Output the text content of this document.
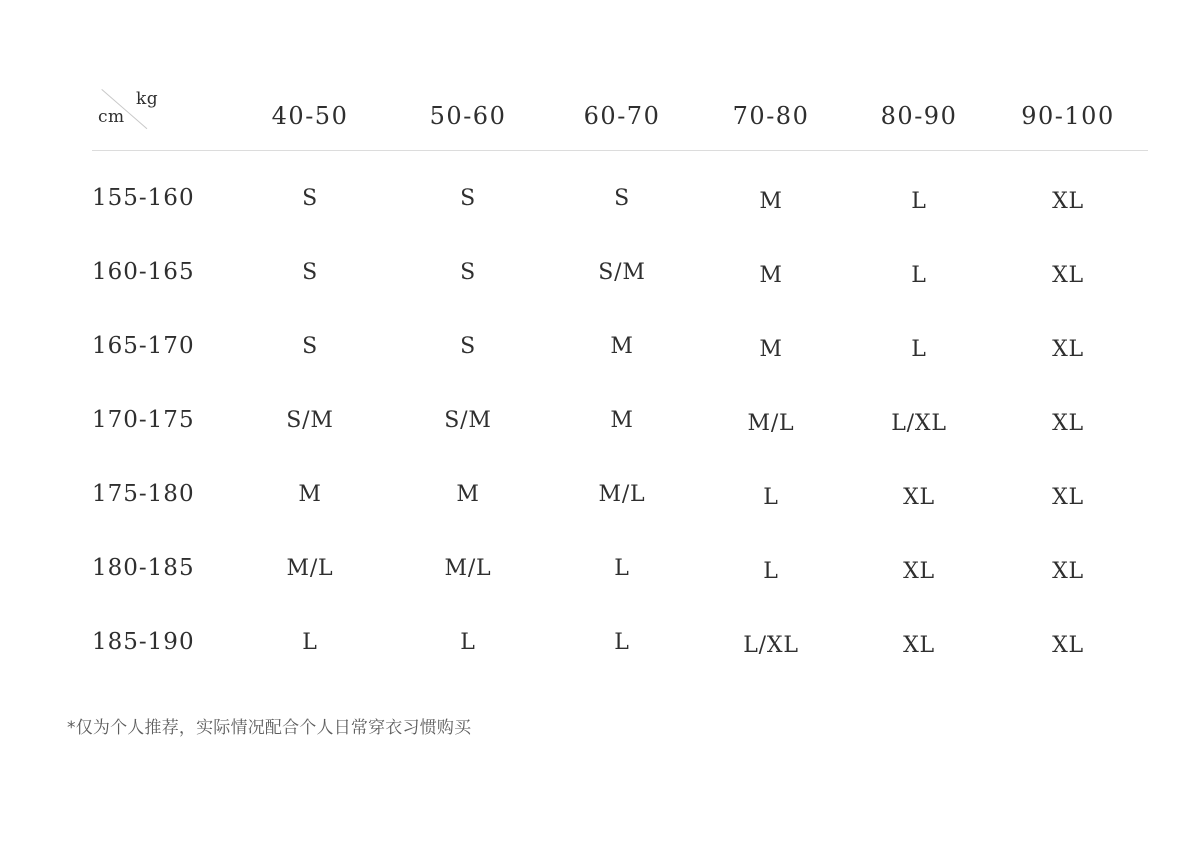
kg
cm	40-50	50-60	60-70	70-80	80-90	90-100
155-160	S	S	S	M	L	XL
160-165	S	S	S/M	M	L	XL
165-170	S	S	M	M	L	XL
170-175	S/M	S/M	M	M/L	L/XL	XL
175-180	M	M	M/L	L	XL	XL
180-185	M/L	M/L	L	L	XL	XL
185-190	L	L	L	L/XL	XL	XL
*仅为个人推荐，实际情况配合个人日常穿衣习惯购买
